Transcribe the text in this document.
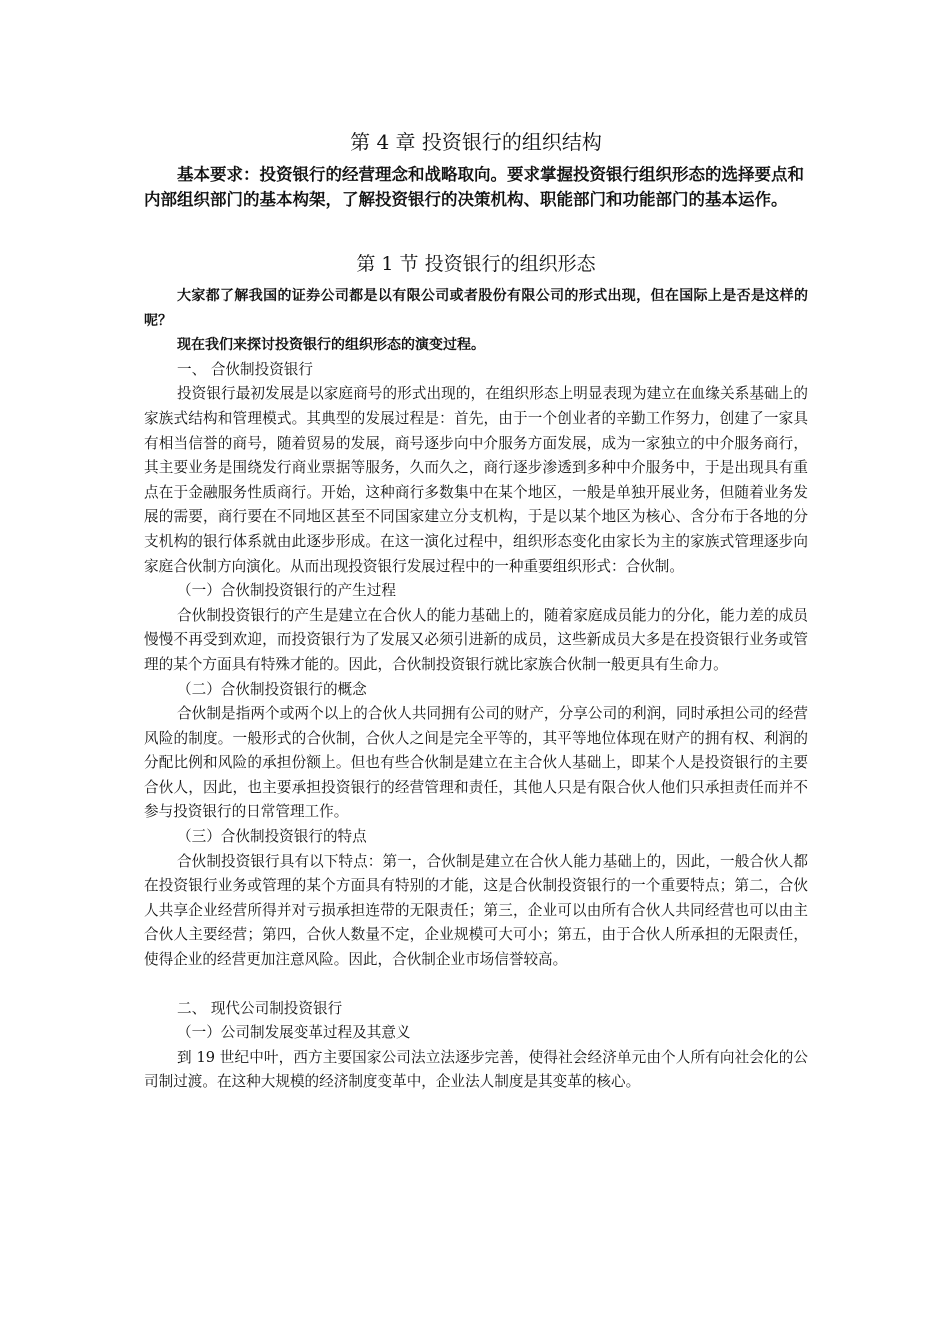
第 4 章 投资银行的组织结构

基本要求：投资银行的经营理念和战略取向。要求掌握投资银行组织形态的选择要点和内部组织部门的基本构架，了解投资银行的决策机构、职能部门和功能部门的基本运作。

第 1 节 投资银行的组织形态

大家都了解我国的证券公司都是以有限公司或者股份有限公司的形式出现，但在国际上是否是这样的呢？

现在我们来探讨投资银行的组织形态的演变过程。

一、 合伙制投资银行

投资银行最初发展是以家庭商号的形式出现的，在组织形态上明显表现为建立在血缘关系基础上的家族式结构和管理模式。其典型的发展过程是：首先，由于一个创业者的辛勤工作努力，创建了一家具有相当信誉的商号，随着贸易的发展，商号逐步向中介服务方面发展，成为一家独立的中介服务商行，其主要业务是围绕发行商业票据等服务，久而久之，商行逐步渗透到多种中介服务中，于是出现具有重点在于金融服务性质商行。开始，这种商行多数集中在某个地区，一般是单独开展业务，但随着业务发展的需要，商行要在不同地区甚至不同国家建立分支机构，于是以某个地区为核心、含分布于各地的分支机构的银行体系就由此逐步形成。在这一演化过程中，组织形态变化由家长为主的家族式管理逐步向家庭合伙制方向演化。从而出现投资银行发展过程中的一种重要组织形式：合伙制。

（一）合伙制投资银行的产生过程

合伙制投资银行的产生是建立在合伙人的能力基础上的，随着家庭成员能力的分化，能力差的成员慢慢不再受到欢迎，而投资银行为了发展又必须引进新的成员，这些新成员大多是在投资银行业务或管理的某个方面具有特殊才能的。因此，合伙制投资银行就比家族合伙制一般更具有生命力。

（二）合伙制投资银行的概念

合伙制是指两个或两个以上的合伙人共同拥有公司的财产，分享公司的利润，同时承担公司的经营风险的制度。一般形式的合伙制，合伙人之间是完全平等的，其平等地位体现在财产的拥有权、利润的分配比例和风险的承担份额上。但也有些合伙制是建立在主合伙人基础上，即某个人是投资银行的主要合伙人，因此，也主要承担投资银行的经营管理和责任，其他人只是有限合伙人他们只承担责任而并不参与投资银行的日常管理工作。

（三）合伙制投资银行的特点

合伙制投资银行具有以下特点：第一，合伙制是建立在合伙人能力基础上的，因此，一般合伙人都在投资银行业务或管理的某个方面具有特别的才能，这是合伙制投资银行的一个重要特点；第二，合伙人共享企业经营所得并对亏损承担连带的无限责任；第三，企业可以由所有合伙人共同经营也可以由主合伙人主要经营；第四，合伙人数量不定，企业规模可大可小；第五，由于合伙人所承担的无限责任，使得企业的经营更加注意风险。因此，合伙制企业市场信誉较高。

二、 现代公司制投资银行

（一）公司制发展变革过程及其意义

到 19 世纪中叶，西方主要国家公司法立法逐步完善，使得社会经济单元由个人所有向社会化的公司制过渡。在这种大规模的经济制度变革中，企业法人制度是其变革的核心。
